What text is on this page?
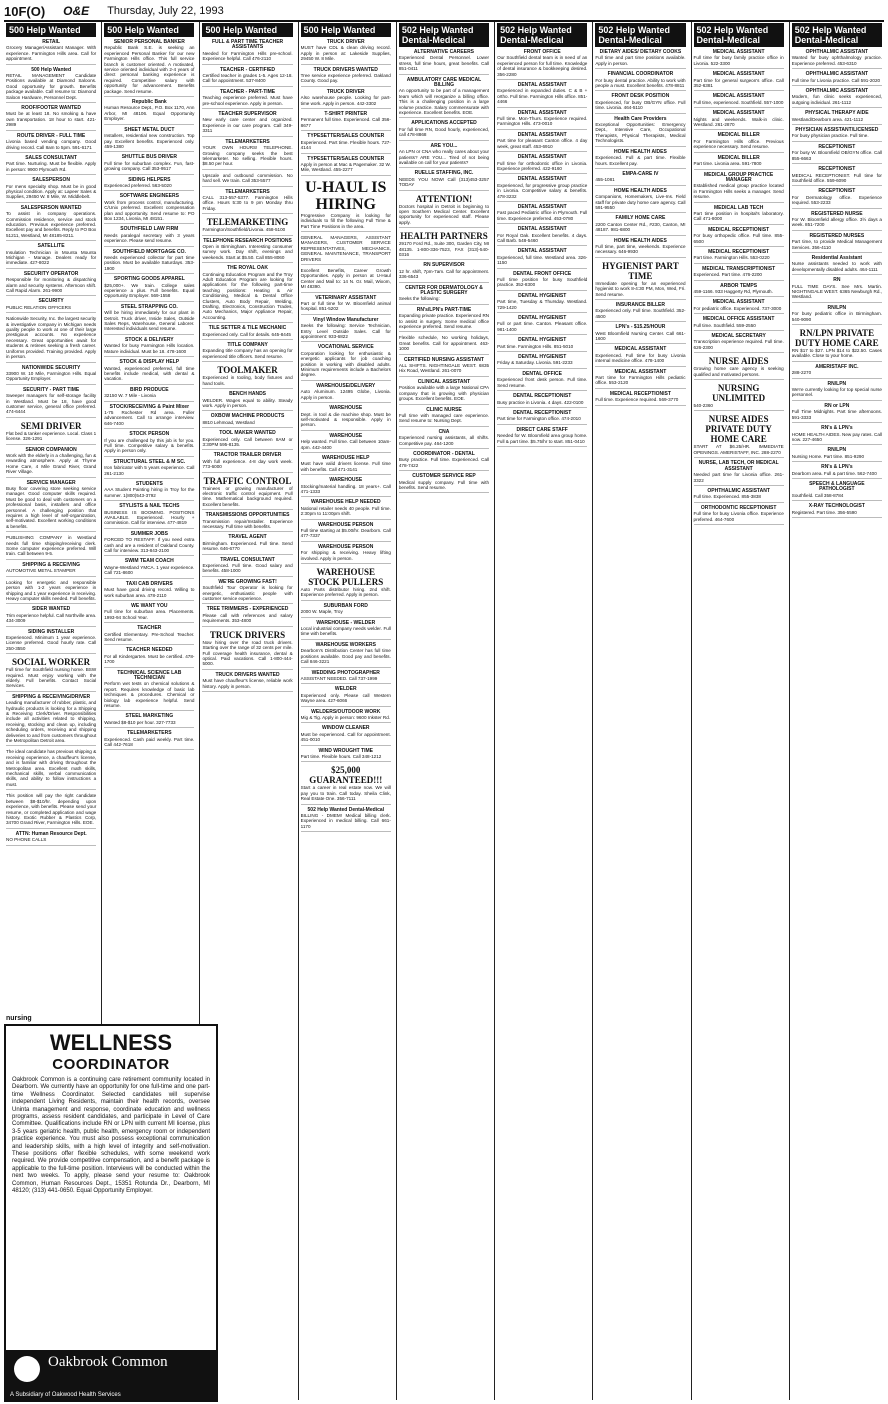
10F(O) O&E Thursday, July 22, 1993
500 Help Wanted
RETAIL
Grocery Manager/Assistant Manager. With experience. Farmington Hills area. Call for appointment.
500 Help Wanted
RETAIL MANAGEMENT Candidate Positions available at Diamond Saloons. Good opportunity for growth. Benefits package available. Call resume to: Diamond Saloon Hardware, Personnel Dept.
ROOF/FOOTER WANTED
Must be at least 18. No smoking & have own transportation. 18 hour to start. 421-2989
ROUTE DRIVER - FULL TIME
Livonia based vending company. Good driving record. Call 8am to 5pm. 591-6171
SALES CONSULTANT
Part time. Nurturing. Must be flexible. Apply in person: 9900 Plymouth Rd.
SALESPERSON
For mens specialty shop. Must be in good physical condition. Apply at: Lapeer Sales & Supplies, 29450 W. 8 Mile, W. Middlebelt.
SALESPERSON WANTED
To assist in company operations. Commission residence, service and stock education. Previous experience preferred. Excellent pay and benefits. Reply to PO Box 51211, Westland, MI 48185-8211.
SATELLITE
Insulation Technician in Mounta Mounta Michigan - Manage. Dealers ready for immediate. 427-8022
SECURITY OPERATOR
Responsible for monitoring & dispatching alarm and security systems. Afternoon shift. Call Rapid Alarm. 261-9900
SECURITY
PUBLIC RELATION OFFICERS
Nationwide Security, Inc. the largest security & investigative company in Michigan needs quality people to work at one of their large prestigious accounts. No experience necessary. Great opportunities await for students & retirees seeking a fresh career. Uniforms provided. Training provided. Apply in person.
NATIONWIDE SECURITY
33900 W. 10 Mile, Farmington Hills. Equal Opportunity Employer.
SECURITY - PART TIME
Sweeper managers for self-storage facility in Westland. Must be 18, have good customer service, general office preferred. 474-6444
SEMI DRIVER
Flat bed & tanker experience. Local. Class 1 license. 326-1291
SENIOR COMPANION
Work with the elderly in a challenging, fun & rewarding atmosphere. Apply at Thyme Home Care, 4 Mile Grand River, Grand River Village.
SERVICE MANAGER
Busy floor covering store seeking service manager. Good computer skills required. Must be good to deal with customers on a professional basis, installers and office personnel. A challenging position that requires a high level of self-organization, self-motivated. Excellent working conditions & benefits.
PUBLISHING COMPANY in Westland needs full time shipping/receiving clerk. Some computer experience preferred. Will train. Call between 9-5.
SHIPPING & RECEIVING
AUTOMOTIVE METAL STAMPER
Looking for energetic and responsible person with 1-2 years experience in shipping and 1 year experience in receiving. Heavy computer skills needed. Full benefits.
SIDER WANTED
Trim experience helpful. Call Northville area. 434-3009
SIDING INSTALLER
Experienced. Minimum 1 year experience. License preferred. Good hourly rate. Call 250-3550
SOCIAL WORKER
Full time for Southfield nursing home. BSW required. Must enjoy working with the elderly. Full benefits. Contact Social Services.
SHIPPING & RECEIVING/DRIVER
Leading manufacturer of rubber, plastic, and hydraulic products is looking for a Shipping & Receiving Clerk/Driver. Responsibilities include all activities related to shipping, receiving, stocking and clean up, including scheduling orders, receiving and shipping deliveries to and from customers throughout the Metropolitan Detroit area.
The ideal candidate has previous shipping & receiving experience, a chauffeur's license, and is familiar with driving throughout the Metropolitan area. Excellent math skills, mechanical skills, verbal communication skills, and ability to follow instructions a must.
This position will pay the right candidate between $8-$10/hr. depending upon experience, with benefits. Please send your resume, or completed application and wage history. Exotic Rubber & Plastics Corp, 34700 Grand River, Farmington Hills. EOE.
ATTN: Human Resource Dept.
NO PHONE CALLS
500 Help Wanted
SENIOR PERSONAL BANKER
Republic Bank S.E. is seeking an experienced Personal Banker for our new Farmington Hills office. This full service branch is customer oriented. A motivated, service oriented individual with 2-4 years of direct personal banking experience is required. Competitive salary with opportunity for advancement. Benefits package. Send resume.
Republic Bank
Human Resource Dept., P.O. Box 1170, Ann Arbor, MI 48106. Equal Opportunity Employer.
SHEET METAL DUCT
Installers, residential new construction. Top pay. Excellent benefits. Experienced only. 459-1380
SHUTTLE BUS DRIVER
Full time for suburban complex. Fun, fast-growing company. Call 353-9517
SIDING HELPERS
Experienced preferred. 563-5020
SOFTWARE ENGINEERS
Work from process control, manufacturing. C/Unix preferred. Excellent compensation plan and opportunity. Send resume to: PO Box 1234, Livonia, MI 48151.
SOUTHFIELD LAW FIRM
Needs paralegal secretary with 3 years experience. Please send resume.
SOUTHFIELD MORTGAGE CO.
Needs experienced collector for part time position. Must be available Saturdays. 353-1900
SPORTING GOODS APPAREL
$25,000+. We train. College sales experience a plus. Full benefits. Equal Opportunity Employer. 569-1558
STEEL STRAPPING CO.
Will be hiring immediately for our plant in Detroit. Truck driver, Inside Sales, Outside Sales Reps, Warehouse, General Laborer. Interested individuals send resume.
STOCK & DELIVERY
Wanted for busy Farmington Hills location. Mature individual. Must be 18. 478-1600
STOCK & DISPLAY HELP
Wanted, experienced preferred, full time benefits include medical, with dental & vacation.
BIRD PRODUCE
32150 W. 7 Mile - Livonia
STOCK/RECEIVING & Paint Mixer
1-75 Rochester Rd area. Fuller advancement. Call to arrange interview. 646-7400
STOCK PERSON
If you are challenged by this job is for you. Full time. Competitive salary & benefits. Apply in person only.
STRUCTURAL STEEL & M SC.
Iron fabricator with 5 years experience. Call 261-2130
STUDENTS
AAA Student Painting hiring in Troy for the summer. 1(800)543-3792
STYLISTS & NAIL TECHS
BUSINESS IS BOOMING. POSITIONS AVAILABLE. Experienced. Hourly + commission. Call for interview. 477-4819
SUMMER JOBS
FORCED TO RESTAFF. If you need extra cash and are a resident of Oakland County. Call for interview. 313-843-2100
SWIM TEAM COACH
Wayne-Westland YMCA. 1 year experience. Call 721-8600
TAXI CAB DRIVERS
Must have good driving record. Willing to work suburban area. 478-2110
WE WANT YOU
Full time for suburban area. Placements. 1993-94 School Year.
TEACHER
Certified Elementary. Pre-School Teacher. Send resume.
TEACHER NEEDED
For all Kindergarten. Must be certified. 478-1700
TECHNICAL SCIENCE LAB TECHNICIAN
Perform wet tests on chemical solutions & report. Requires knowledge of basic lab techniques & procedures. Chemical or biology lab experience helpful. Send resume.
STEEL MARKETING
Wanted $8-$10 per hour. 327-7733
TELEMARKETERS
Experienced. Cash paid weekly. Part time. Call 442-7618
500 Help Wanted
FULL & PART TIME TEACHER ASSISTANTS
Needed for Farmington Hills pre-school. Experience helpful. Call 476-2110
TEACHER - CERTIFIED
Certified teacher in grades 1-5. Ages 12-18. Call for appointment. 537-8400
TEACHER - PART-TIME
Teaching experience preferred. Must have pre-school experience. Apply in person.
TEACHER SUPERVISOR
New early care center and organized. Experience in our care program. Call 349-3311
TELEMARKETERS
YOUR OWN HOURS! TELEPHONE. Growing company seeks the best telemarketer. No selling. Flexible hours. $8.50 per hour.
Upscale and outbound commission. No hard sell. We train. Call 353-5577
TELEMARKETERS
CALL 313-557-5377. Farmington Hills office. Hours 5:30 to 9 pm Monday thru Friday.
TELEMARKETING
Farmington/Southfield/Livonia. 458-5100
TELEPHONE RESEARCH POSITIONS
Open in Birmingham. Interesting consumer survey work. Day shift, evenings and weekends. Start at $5.50. Call 855-8060
THE ROYAL OAK
Continuing Education Program and the Troy Adult Education Program are looking for applications for the following part-time teaching positions: Heating & Air Conditioning, Medical & Dental Office Clusters, Auto Body Repair, Welding, Drafting, Electronics, Construction Trades, Auto Mechanics, Major Appliance Repair, Accounting.
TILE SETTER & TILE MECHANIC
Experienced only. Call for details. 645-8445
TITLE COMPANY
Expanding title company has an opening for experienced title officers. Send resume.
TOOLMAKER
Experienced in tooling, body fixtures and hand tools.
BENCH HANDS
WELDER. Wages equal to ability. Steady work. Apply in person.
OXBOW MACHINE PRODUCTS
8810 Lehmoad, Westland
TOOL MAKER WANTED
Experienced only. Call between 8AM or 3:30PM 595-8135.
TRACTOR TRAILER DRIVER
With full experience. 4-8 day work week. 773-6000
TRAFFIC CONTROL
Trainees or growing manufacturer of electronic traffic control equipment. Full time. Mathematical background required. Excellent benefits.
TRANSMISSIONS OPPORTUNITIES
Transmission repair/Installer. Experience necessary. Full time with benefits.
TRAVEL AGENT
Birmingham. Experienced. Full time. Send resume. 646-6770
TRAVEL CONSULTANT
Experienced. Full time. Good salary and benefits. 458-1000
WE'RE GROWING FAST!
Southfield Tour Operator is looking for energetic, enthusiastic people with customer service experience.
TREE TRIMMERS - EXPERIENCED
Please call with references and salary requirements. 353-4800
TRUCK DRIVERS
Now hiring over the road truck drivers. Starting over the range of 32 cents per mile. Full coverage health insurance, dental & optical. Paid vacations. Call 1-800-444-5000.
TRUCK DRIVERS WANTED
Must have chauffeur's license, reliable work history. Apply in person.
500 Help Wanted
TRUCK DRIVER
MUST have CDL & clean driving record. Apply in person at: Lakeside Supplies, 29450 W. 8 Mile.
TRUCK DRIVERS WANTED
Tree service experience preferred. Oakland County. Good pay.
TRUCK DRIVER
Also warehouse people. Looking for part-time work. Apply in person. 442-3302
T-SHIRT PRINTER
Permanent full time. Experienced. Call 356-8677
TYPESETTER/SALES COUNTER
Experienced. Part time. Flexible hours. 727-4144
TYPESETTER/SALES COUNTER
Apply in person at Mac & Pagemaker. 32 W. Mile, Westland. 455-2277
U-HAUL IS HIRING
Progressive Company is looking for individuals to fill the following Full Time & Part Time Positions in the area.
GENERAL MANAGERS, ASSISTANT MANAGERS, CUSTOMER SERVICE REPRESENTATIVES, MECHANICS, GENERAL MAINTENANCE, TRANSPORT DRIVERS
Excellent Benefits, Career Growth Opportunities. Apply in person at U-Haul Center and Mail to: 14 N. Gr. Mail, Wixom, MI 48390.
VETERINARY ASSISTANT
Part or full time for W. Bloomfield animal hospital. 851-5202
Vinyl Window Manufacturer
Seeks the following: Service Technician, Entry Level Outside Sales. Call for appointment: 933-6822
VOCATIONAL SERVICE
Corporation looking for enthusiastic & energetic applicants for job coaching position in working with disabled adults. Minimum requirements include a Bachelors degree.
WAREHOUSE/DELIVERY
Auto Aluminum. 12495 Globe, Livonia. Apply in person.
WAREHOUSE
Dept. in tool & die machine shop. Must be self-motivated & responsible. Apply in person.
WAREHOUSE
Help wanted. Full time. Call between 10am-4pm. 442-4400
WAREHOUSE HELP
Must have valid drivers license. Full time with benefits. Call 471-3141
WAREHOUSE
Stocking/material handling. 18 years+. Call 471-1333
WAREHOUSE HELP NEEDED
National retailer needs 40 people. Full time. 2:30pm to 11:00pm shift.
WAREHOUSE PERSON
Full time starting at $5.00/hr. Dearborn. Call 477-7337
WAREHOUSE PERSON
For shipping & receiving. Heavy lifting involved. Apply in person.
WAREHOUSE STOCK PULLERS
Auto Parts distributor hiring. 2nd shift. Experience preferred. Apply in person.
SUBURBAN FORD
2000 W. Maple, Troy
WAREHOUSE - WELDER
Local industrial company needs welder. Full time with benefits.
WAREHOUSE WORKERS
Dearborn's Distribution Center has full time positions available. Good pay and benefits. Call 846-3221
WEDDING PHOTOGRAPHER
ASSISTANT NEEDED. Call 737-1999
WELDER
Experienced only. Please call Western Wayne area. 427-6066
WELDERS/OUTDOOR WORK
Mig & Tig. Apply in person: 9600 Inkster Rd.
WINDOW CLEANER
Must be experienced. Call for appointment. 451-0010
WIND WROUGHT TIME
Part time. Flexible hours. Call 348-1212
$25,000 GUARANTEED!!!
Start a career in real estate now. We will pay you to train. Call today. Sheila Clink, Real Estate One. 356-7111
502 Help Wanted Dental-Medical
BILLING - DMEM! Medical billing clerk. Experienced in medical billing. Call 661-1170
502 Help Wanted Dental-Medical
ALTERNATIVE CAREERS
Experienced Dental Personnel. Lower stress, full time hours, great benefits. Call 851-0411
AMBULATORY CARE MEDICAL BILLING
An opportunity to be part of a management team which will reorganize a billing office. This is a challenging position in a large volume practice. Salary commensurate with experience. Excellent benefits. EOE.
APPLICATIONS ACCEPTED
For full time RN, Good hourly, experienced, call 478-8868
ARE YOU...
An LPN or CNA who really cares about your patients? ARE YOU... Tired of not being available on call for your patients?
RUELLE STAFFING, INC.
NEEDS YOU NOW! Call (313)453-3257 TODAY
ATTENTION!
Doctors hospital in Detroit is beginning to open Southern Medical Center. Excellent opportunity for experienced staff. Please apply.
HEALTH PARTNERS
29170 Ford Rd., Suite 300, Garden City, MI 48135. 1-800-336-7523, FAX (313)-540-0316
RN SUPERVISOR
12 hr. shift, 7pm-7am. Call for appointment. 336-6543
CENTER FOR DERMATOLOGY & PLASTIC SURGERY
Seeks the following:
RN's/LPN's PART-TIME
Expanding private practice. Experienced RN to assist in surgery. Some medical office experience preferred. Send resume.
Flexible schedule, No working holidays, Great benefits. Call for appointment. 463-1000
CERTIFIED NURSING ASSISTANT
ALL SHIFTS. NIGHTINGALE WEST. 6835 Hix Road, Westland. 261-0070
CLINICAL ASSISTANT
Position available with a large National CPA company that is growing with physician groups. Excellent benefits. EOE.
CLINIC NURSE
Full time with managed care experience. Send resume to: Nursing Dept.
CNA
Experienced nursing assistants, all shifts. Competitive pay. 464-1200
COORDINATOR - DENTAL
Busy practice. Full time. Experienced. Call 478-7422
CUSTOMER SERVICE REP
Medical supply company. Full time with benefits. Send resume.
502 Help Wanted Dental-Medical
FRONT OFFICE
Our Southfield dental team is in need of an experienced person for full time. Knowledge of dental insurance & bookkeeping desired. 356-2280
DENTAL ASSISTANT
Experienced in expanded duties. C & B + ortho. Full time. Farmington Hills office. 851-4466
DENTAL ASSISTANT
Full time. Mon-Thurs. Experience required. Farmington Hills. 473-0010
DENTAL ASSISTANT
Part time for pleasant Canton office. 4 day week, great staff. 453-6910
DENTAL ASSISTANT
Full time for orthodontic office in Livonia. Experience preferred. 422-9160
DENTAL ASSISTANT
Experienced, for progressive group practice in Livonia. Competitive salary & benefits. 478-3232
DENTAL ASSISTANT
Fast paced Pediatric office in Plymouth. Full time. Experience preferred. 453-0780
DENTAL ASSISTANT
For Royal Oak. Excellent benefits. 4 days. Call Barb. 548-5460
DENTAL ASSISTANT
Experienced, full time. Westland area. 326-1150
DENTAL FRONT OFFICE
Full time position for busy Southfield practice. 352-8300
DENTAL HYGIENIST
Part time, Tuesday & Thursday. Westland. 729-1420
DENTAL HYGIENIST
Full or part time. Canton. Pleasant office. 981-1400
DENTAL HYGIENIST
Part time. Farmington Hills. 851-5010
DENTAL HYGIENIST
Friday & Saturday. Livonia. 591-2233
DENTAL OFFICE
Experienced front desk person. Full time. Send resume.
DENTAL RECEPTIONIST
Busy practice in Livonia. 4 days. 422-0100
DENTAL RECEPTIONIST
Part time for Farmington office. 474-2010
DIRECT CARE STAFF
Needed for W. Bloomfield area group home. Full & part time. $5.75/hr to start. 851-0410
502 Help Wanted Dental-Medical
DIETARY AIDES/ DIETARY COOKS
Full time and part time positions available. Apply in person.
FINANCIAL COORDINATOR
For busy dental practice. Ability to work with people a must. Excellent benefits. 478-8811
FRONT DESK POSITION
Experienced, for busy OB/GYN office. Full time. Livonia. 464-5110
Health Care Providers
Exceptional Opportunities: Emergency Dept., Intensive Care, Occupational Therapists, Physical Therapists, Medical Technologists.
HOME HEALTH AIDES
Experienced. Full & part time. Flexible hours. Excellent pay.
EMPA-CARE IV
455-1081
HOME HEALTH AIDES
Companions, Homemakers, Live-Ins. Field staff for private duty home care agency. Call 591-9550
FAMILY HOME CARE
2200 Canton Center Rd., #230, Canton, MI 48187. 981-6800
HOME HEALTH AIDES
Full time, part time, weekends. Experience necessary. 646-9930
HYGIENIST PART TIME
Immediate opening for an experienced hygienist to work 8-4:30 PM, Mon, Wed, Fri. Send resume.
INSURANCE BILLER
Experienced only. Full time. Southfield. 352-4500
LPN's - $15.25/HOUR
West Bloomfield Nursing Center. Call 661-1600
MEDICAL ASSISTANT
Experienced. Full time for busy Livonia internal medicine office. 478-1400
MEDICAL ASSISTANT
Part time for Farmington Hills pediatric office. 553-2120
MEDICAL RECEPTIONIST
Full time. Experience required. 569-3770
502 Help Wanted Dental-Medical
MEDICAL ASSISTANT
Full time for busy family practice office in Livonia. 522-3300
MEDICAL ASSISTANT
Part time for general surgeon's office. Call 352-6381
MEDICAL ASSISTANT
Full time, experienced. Southfield. 557-1000
MEDICAL ASSISTANT
Nights and weekends. Walk-in clinic. Westland. 261-2870
MEDICAL BILLER
For Farmington Hills office. Previous experience necessary. Send resume.
MEDICAL BILLER
Part time. Livonia area. 591-7800
MEDICAL GROUP PRACTICE MANAGER
Established medical group practice located in Farmington Hills seeks a manager. Send resume.
MEDICAL LAB TECH
Part time position in hospital's laboratory. Call 471-8000
MEDICAL RECEPTIONIST
For busy orthopedic office. Full time. 855-6500
MEDICAL RECEPTIONIST
Part time. Farmington Hills. 553-0220
MEDICAL TRANSCRIPTIONIST
Experienced. Part time. 476-2200
ARBOR TEMPS
459-1166. 933 Haggerty Rd, Plymouth.
MEDICAL ASSISTANT
For pediatric office. Experienced. 737-3000
MEDICAL OFFICE ASSISTANT
Full time. Southfield. 559-2550
MEDICAL SECRETARY
Transcription experience required. Full time. 626-2300
NURSE AIDES
Growing home care agency is seeking qualified and motivated persons.
NURSING UNLIMITED
540-2360
NURSE AIDES PRIVATE DUTY HOME CARE
START AT $6.25/HR. IMMEDIATE OPENINGS. AMERISTAFF, INC. 288-2270
NURSE, LAB TECH, OR MEDICAL ASSISTANT
Needed part time for Livonia office. 261-3322
OPHTHALMIC ASSISTANT
Full time. Experienced. 855-3838
ORTHODONTIC RECEPTIONIST
Full time for busy Livonia office. Experience preferred. 464-7600
502 Help Wanted Dental-Medical
OPHTHALMIC ASSISTANT
Wanted for busy ophthalmology practice. Experience preferred. 453-6310
OPHTHALMIC ASSISTANT
Full time for Livonia practice. Call 591-2020
OPHTHALMIC ASSISTANT
Modern, fun clinic seeks experienced, outgoing individual. 261-1112
PHYSICAL THERAPY AIDE
Westland/Dearborn area. 421-1112
PHYSICIAN ASSISTANT/LICENSED
For busy physician practice. Full time.
RECEPTIONIST
For busy W. Bloomfield OB/GYN office. Call 855-6663
RECEPTIONIST
MEDICAL RECEPTIONIST. Full time for Southfield office. 559-6090
RECEPTIONIST
For Dermatology office. Experience required. 553-2233
REGISTERED NURSE
For W. Bloomfield allergy office. 3½ days a week. 851-7200
REGISTERED NURSES
Part time, to provide Medical Management Services. 356-4110
Residential Assistant
Nurse assistants needed to work with developmentally disabled adults. 464-1111
RN
FULL TIME DAYS. See Mrs. Martin. NIGHTINGALE WEST. 6365 Newburgh Rd., Westland.
RN/LPN
For busy pediatric office in Birmingham. 540-9090
RN/LPN PRIVATE DUTY HOME CARE
RN $17 to $27. LPN $14 to $22.50. Cases available. Close to your home.
AMERISTAFF INC.
288-2270
RN/LPN
We're currently looking for top special nurse personnel.
RN or LPN
Full Time Midnights. Part time afternoons. 591-3333
RN's & LPN's
HOME HEALTH AIDES. New pay rates. Call now. 227-4650
RN/LPN
Nursing Home. Part time. 851-9290
RN's & LPN's
Dearborn area. Full & part time. 562-7400
SPEECH & LANGUAGE PATHOLOGIST
Southfield. Call 358-8784
X-RAY TECHNOLOGIST
Registered. Part time. 356-5590
nursing
WELLNESS
COORDINATOR
Oakbrook Common is a continuing care retirement community located in Dearborn. We currently have an opportunity for one full-time and one part-time Wellness Coordinator. Selected candidates will supervise independent Living Residents, maintain their health records, oversee Uninta management and response, coordinate education and wellness programs, assess resident candidates, and participate in Level of Care Committee. Qualifications include RN or LPN with current MI license, plus 3-5 years geriatric health, public health, emergency room or independent practice experience. You must also possess exceptional communication and leadership skills, with a high level of integrity and self-motivation. These positions offer flexible schedules, with some weekend work required. We provide competitive compensation, and a benefit package is applicable to the full-time position. Interviews will be conducted within the next two weeks. To apply, please send your resume to: Oakbrook Common, Human Resources Dept., 15351 Rotunda Dr., Dearborn, MI 48120; (313) 441-0650. Equal Opportunity Employer.
Oakbrook Common
A Subsidiary of Oakwood Health Services
